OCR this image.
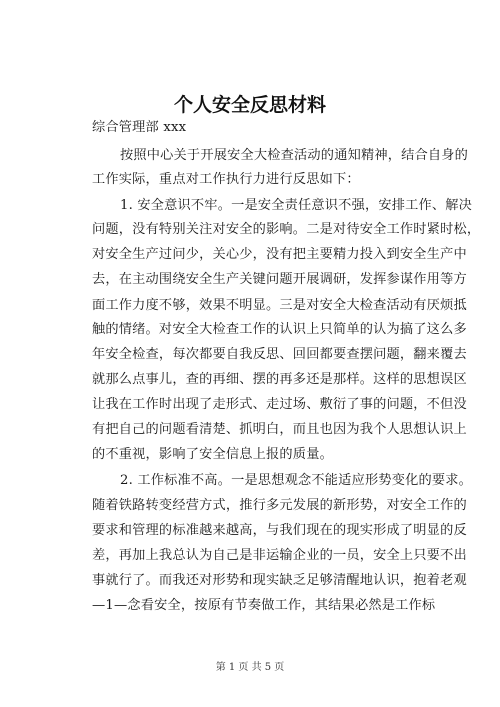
个人安全反思材料
综合管理部 xxx
按照中心关于开展安全大检查活动的通知精神，结合自身的
工作实际，重点对工作执行力进行反思如下：
1. 安全意识不牢。一是安全责任意识不强，安排工作、解决
问题，没有特别关注对安全的影响。二是对待安全工作时紧时松，
对安全生产过问少，关心少，没有把主要精力投入到安全生产中
去，在主动围绕安全生产关键问题开展调研，发挥参谋作用等方
面工作力度不够，效果不明显。三是对安全大检查活动有厌烦抵
触的情绪。对安全大检查工作的认识上只简单的认为搞了这么多
年安全检查，每次都要自我反思、回回都要查摆问题，翻来覆去
就那么点事儿，查的再细、摆的再多还是那样。这样的思想误区
让我在工作时出现了走形式、走过场、敷衍了事的问题，不但没
有把自己的问题看清楚、抓明白，而且也因为我个人思想认识上
的不重视，影响了安全信息上报的质量。
2. 工作标准不高。一是思想观念不能适应形势变化的要求。
随着铁路转变经营方式，推行多元发展的新形势，对安全工作的
要求和管理的标准越来越高，与我们现在的现实形成了明显的反
差，再加上我总认为自己是非运输企业的一员，安全上只要不出
事就行了。而我还对形势和现实缺乏足够清醒地认识，抱着老观
—1—念看安全，按原有节奏做工作，其结果必然是工作标
第 1 页 共 5 页
